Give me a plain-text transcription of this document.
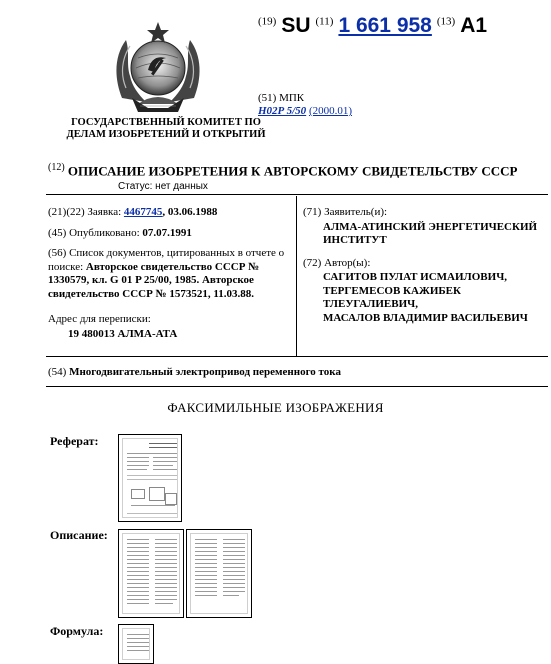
ГОСУДАРСТВЕННЫЙ КОМИТЕТ ПО
ДЕЛАМ ИЗОБРЕТЕНИЙ И ОТКРЫТИЙ
$^{(19)}$ SU $^{(11)}$ 1 661 958 $^{(13)}$ A1
(51) МПК
H02P 5/50 (2000.01)
$^{(12)}$ ОПИСАНИЕ ИЗОБРЕТЕНИЯ К АВТОРСКОМУ СВИДЕТЕЛЬСТВУ СССР
Статус: нет данных

(21)(22) Заявка: 4467745, 03.06.1988

(45) Опубликовано: 07.07.1991

(56) Список документов, цитированных в отчете о поиске: Авторское свидетельство СССР № 1330579, кл. G 01 P 25/00, 1985. Авторское свидетельство СССР № 1573521, 11.03.88.

Адрес для переписки:

19 480013 АЛМА-АТА

(71) Заявитель(и):

АЛМА-АТИНСКИЙ ЭНЕРГЕТИЧЕСКИЙ

ИНСТИТУТ

(72) Автор(ы):

САГИТОВ ПУЛАТ ИСМАИЛОВИЧ,

ТЕРГЕМЕСОВ КАЖИБЕК

ТЛЕУГАЛИЕВИЧ,

МАСАЛОВ ВЛАДИМИР ВАСИЛЬЕВИЧ

(54) Многодвигательный электропривод переменного тока
ФАКСИМИЛЬНЫЕ ИЗОБРАЖЕНИЯ
Реферат:
Описание:
Формула:
